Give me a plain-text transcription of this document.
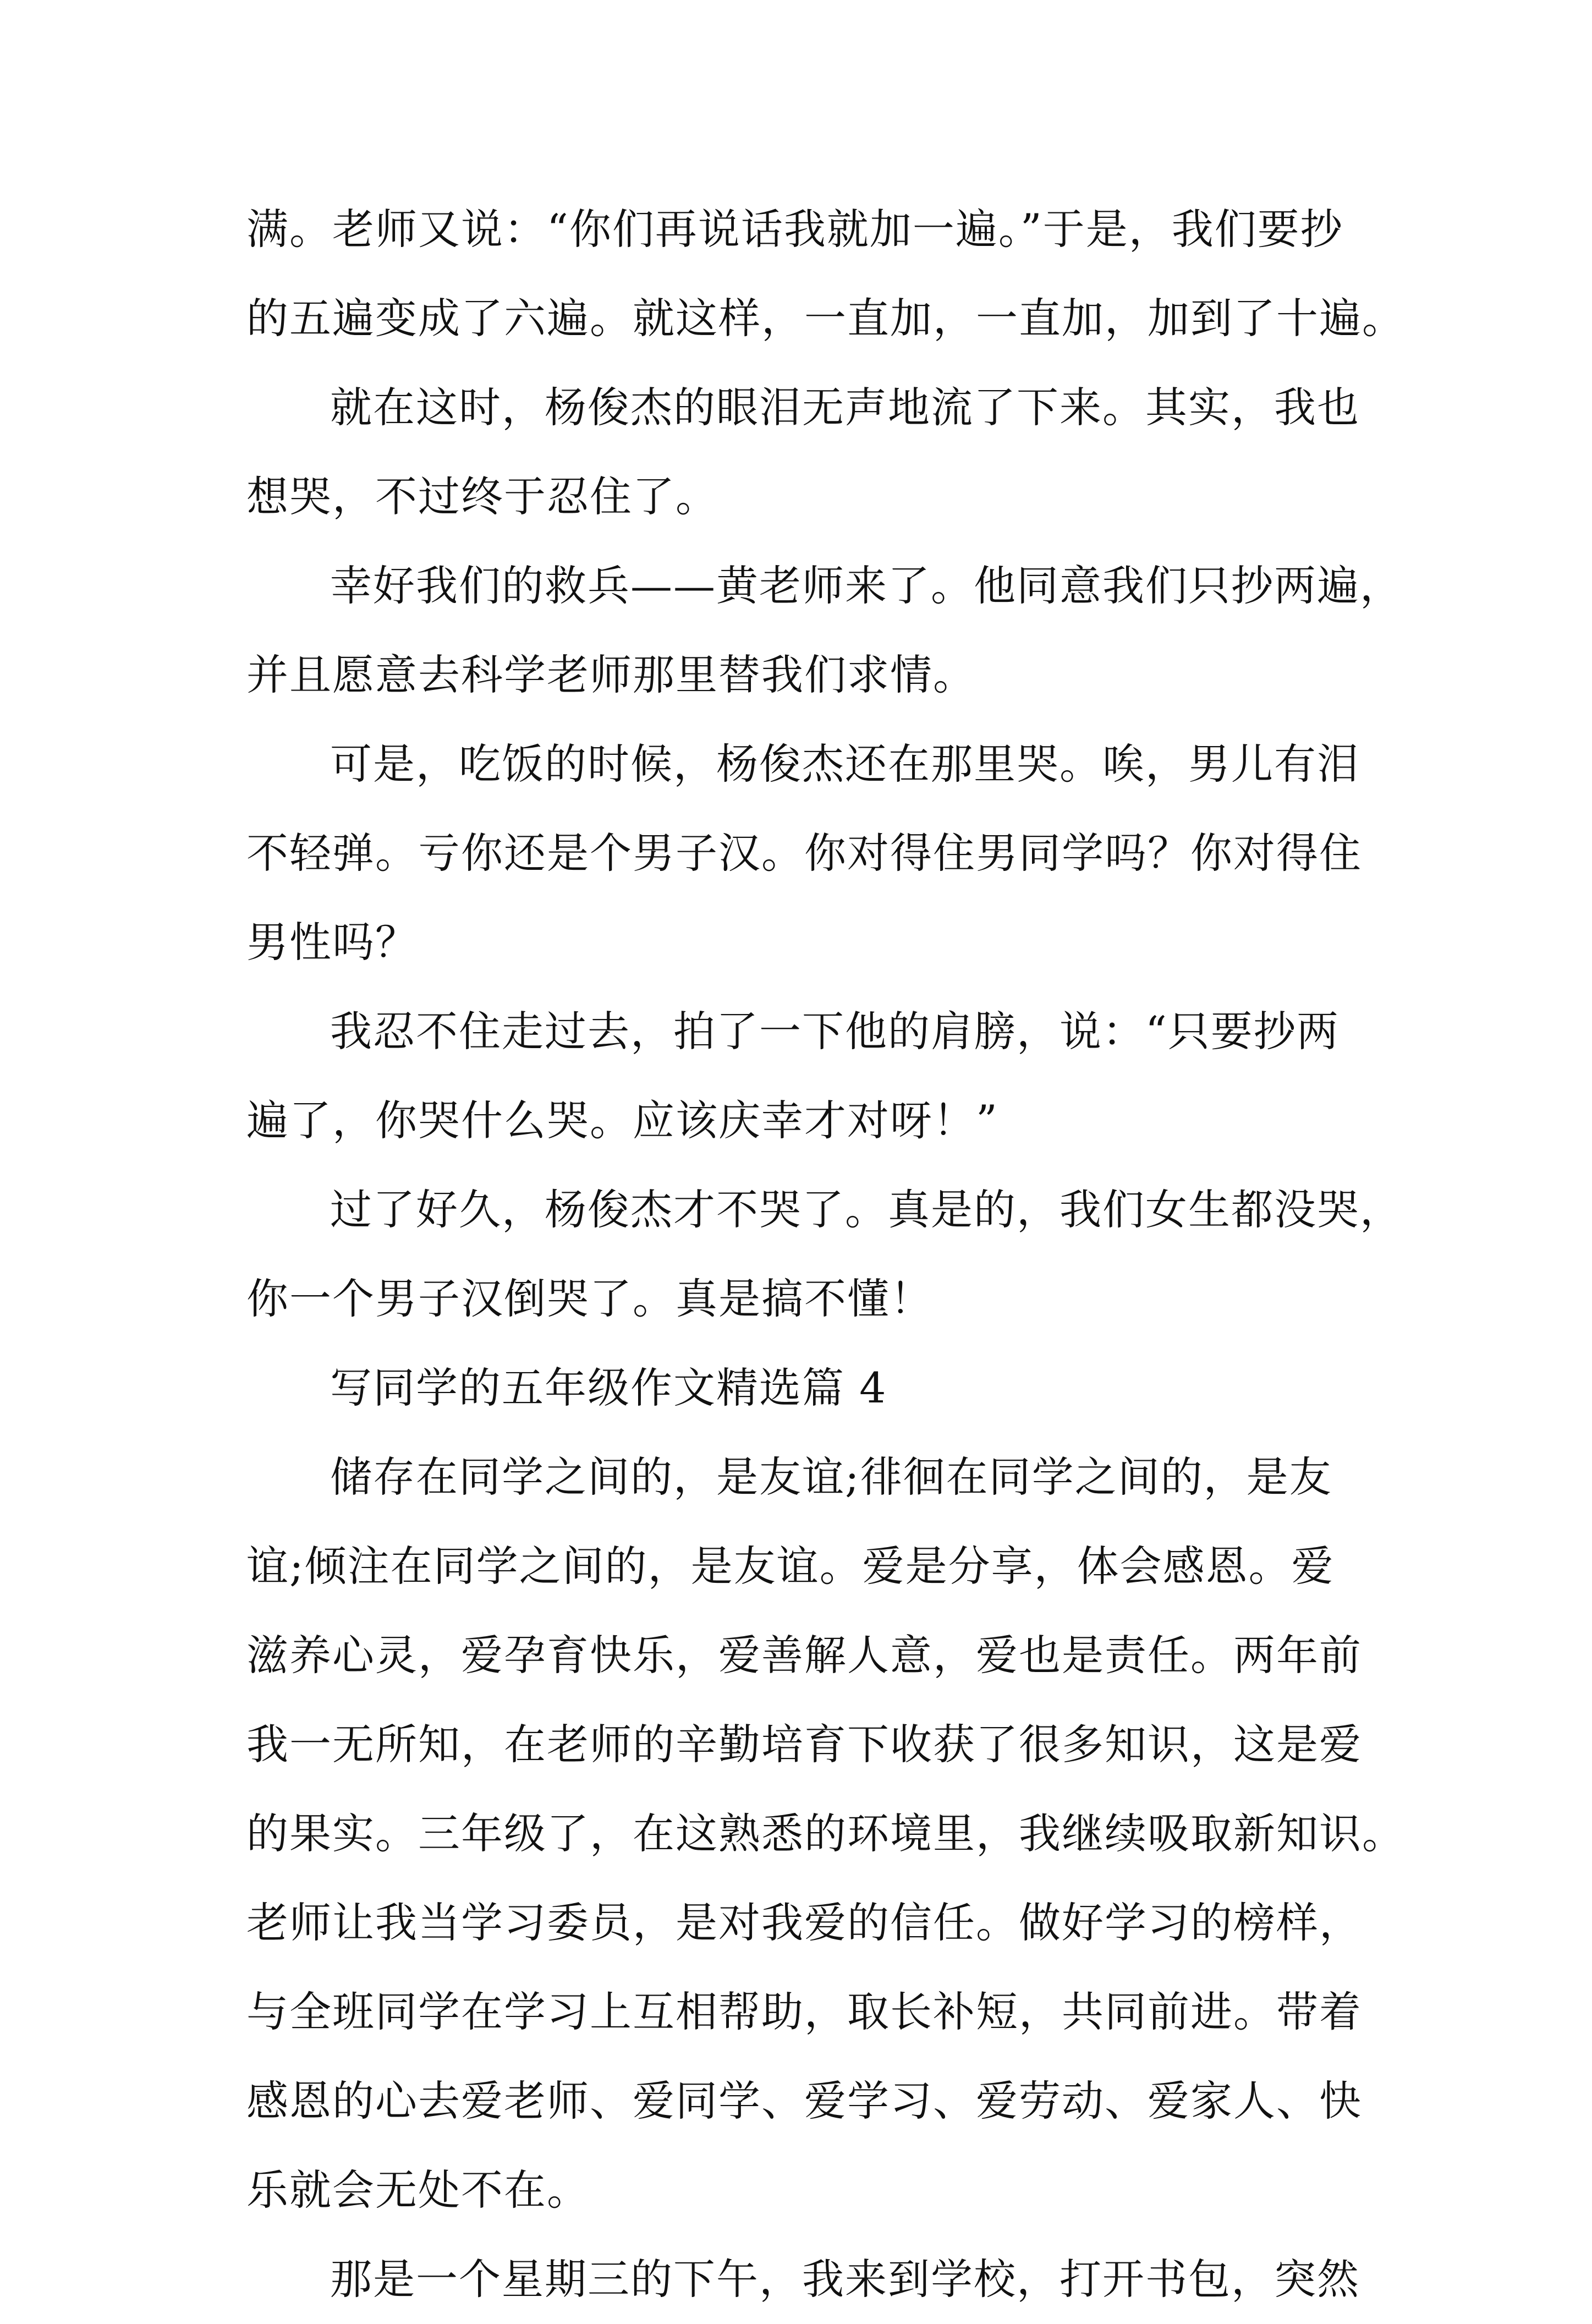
满。老师又说：“你们再说话我就加一遍。”于是，我们要抄
的五遍变成了六遍。就这样，一直加，一直加，加到了十遍。
就在这时，杨俊杰的眼泪无声地流了下来。其实，我也
想哭，不过终于忍住了。
幸好我们的救兵——黄老师来了。他同意我们只抄两遍，
并且愿意去科学老师那里替我们求情。
可是，吃饭的时候，杨俊杰还在那里哭。唉，男儿有泪
不轻弹。亏你还是个男子汉。你对得住男同学吗？你对得住
男性吗？
我忍不住走过去，拍了一下他的肩膀，说：“只要抄两
遍了，你哭什么哭。应该庆幸才对呀！”
过了好久，杨俊杰才不哭了。真是的，我们女生都没哭，
你一个男子汉倒哭了。真是搞不懂！
写同学的五年级作文精选篇 4
储存在同学之间的，是友谊;徘徊在同学之间的，是友
谊;倾注在同学之间的，是友谊。爱是分享，体会感恩。爱
滋养心灵，爱孕育快乐，爱善解人意，爱也是责任。两年前
我一无所知，在老师的辛勤培育下收获了很多知识，这是爱
的果实。三年级了，在这熟悉的环境里，我继续吸取新知识。
老师让我当学习委员，是对我爱的信任。做好学习的榜样，
与全班同学在学习上互相帮助，取长补短，共同前进。带着
感恩的心去爱老师、爱同学、爱学习、爱劳动、爱家人、快
乐就会无处不在。
那是一个星期三的下午，我来到学校，打开书包，突然
